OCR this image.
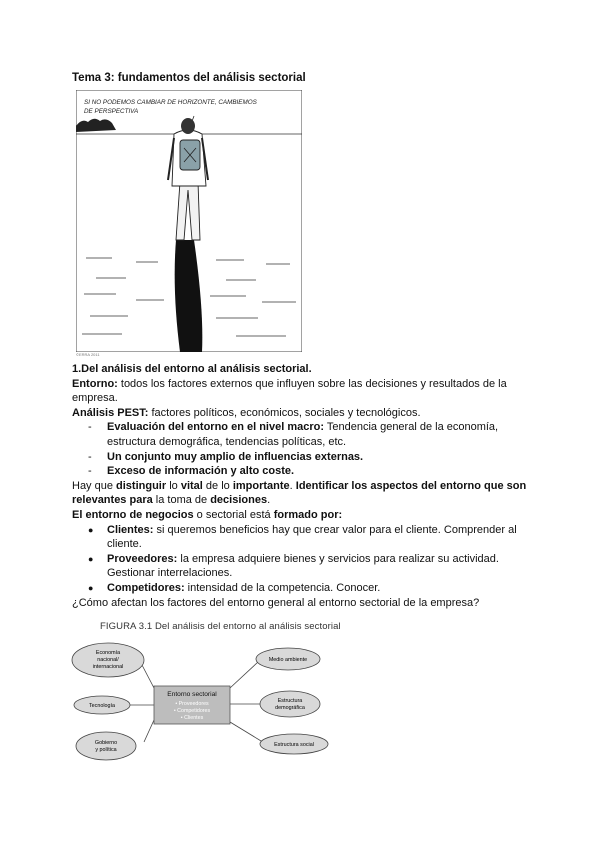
Tema 3: fundamentos del análisis sectorial
SI NO PODEMOS CAMBIAR DE HORIZONTE, CAMBIEMOS
DE PERSPECTIVA
©ERRA 2011

1.Del análisis del entorno al análisis sectorial.

Entorno: todos los factores externos que influyen sobre las decisiones y resultados de la empresa.

Análisis PEST: factores políticos, económicos, sociales y tecnológicos.

- Evaluación del entorno en el nivel macro: Tendencia general de la economía, estructura demográfica, tendencias políticas, etc.
- Un conjunto muy amplio de influencias externas.
- Exceso de información y alto coste.

Hay que distinguir lo vital de lo importante. Identificar los aspectos del entorno que son relevantes para la toma de decisiones.

El entorno de negocios o sectorial está formado por:

● Clientes: si queremos beneficios hay que crear valor para el cliente. Comprender al cliente.
● Proveedores: la empresa adquiere bienes y servicios para realizar su actividad. Gestionar interrelaciones.
● Competidores: intensidad de la competencia. Conocer.

¿Cómo afectan los factores del entorno general al entorno sectorial de la empresa?

FIGURA 3.1 Del análisis del entorno al análisis sectorial
Entorno sectorial
• Proveedores
• Competidores
• Clientes
Economía
nacional/
internacional
Tecnología
Gobierno
y política
Medio ambiente
Estructura
demográfica
Estructura social
